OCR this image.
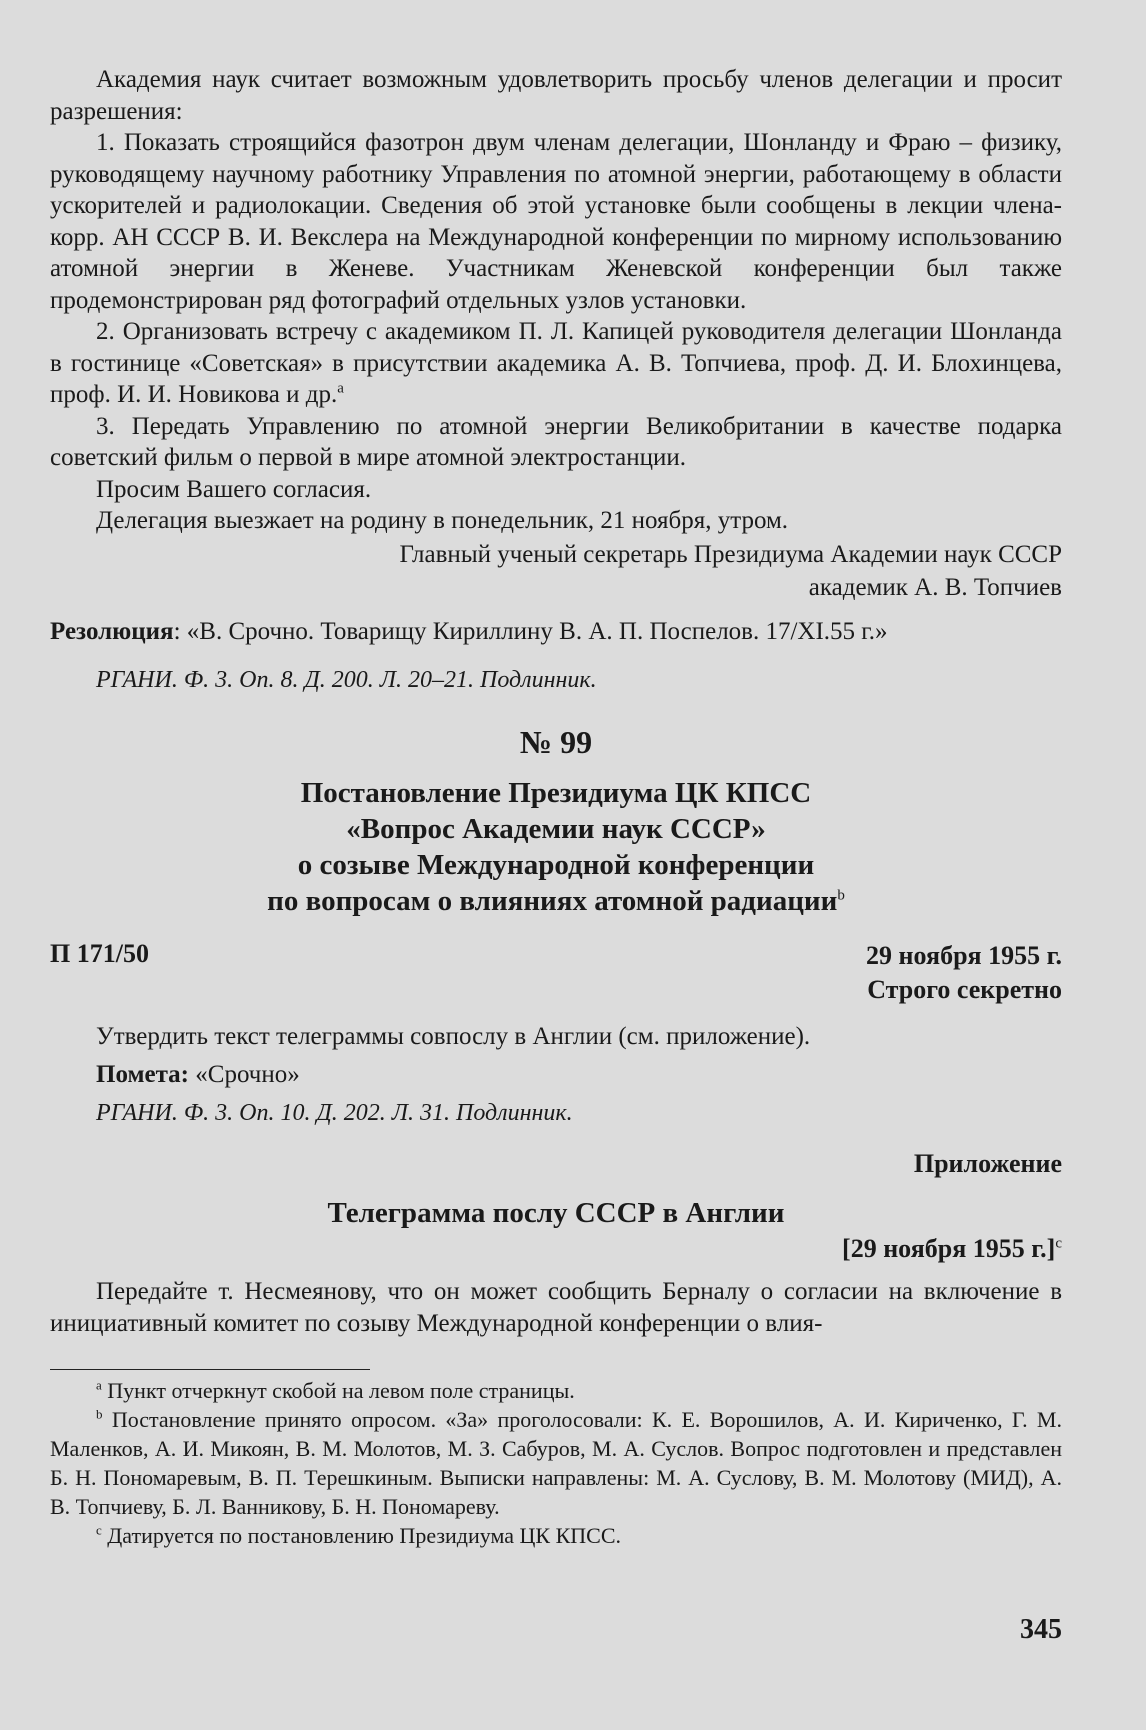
Академия наук считает возможным удовлетворить просьбу членов делегации и просит разрешения:

1. Показать строящийся фазотрон двум членам делегации, Шонланду и Фраю – физику, руководящему научному работнику Управления по атомной энергии, работающему в области ускорителей и радиолокации. Сведения об этой установке были сообщены в лекции члена-корр. АН СССР В. И. Векслера на Международной конференции по мирному использованию атомной энергии в Женеве. Участникам Женевской конференции был также продемонстрирован ряд фотографий отдельных узлов установки.

2. Организовать встречу с академиком П. Л. Капицей руководителя делегации Шонланда в гостинице «Советская» в присутствии академика А. В. Топчиева, проф. Д. И. Блохинцева, проф. И. И. Новикова и др.$^a$

3. Передать Управлению по атомной энергии Великобритании в качестве подарка советский фильм о первой в мире атомной электростанции.

Просим Вашего согласия.

Делегация выезжает на родину в понедельник, 21 ноября, утром.

Главный ученый секретарь Президиума Академии наук СССР

академик А. В. Топчиев

Резолюция: «В. Срочно. Товарищу Кириллину В. А. П. Поспелов. 17/XI.55 г.»

РГАНИ. Ф. 3. Оп. 8. Д. 200. Л. 20–21. Подлинник.

№ 99

Постановление Президиума ЦК КПСС
«Вопрос Академии наук СССР»
о созыве Международной конференции
по вопросам о влияниях атомной радиации$^b$
П 171/50	29 ноября 1955 г.
Строго секретно

Утвердить текст телеграммы совпослу в Англии (см. приложение).

Помета: «Срочно»

РГАНИ. Ф. 3. Оп. 10. Д. 202. Л. 31. Подлинник.

Приложение

Телеграмма послу СССР в Англии

[29 ноября 1955 г.]$^c$

Передайте т. Несмеянову, что он может сообщить Берналу о согласии на включение в инициативный комитет по созыву Международной конференции о влия-

$^a$ Пункт отчеркнут скобой на левом поле страницы.

$^b$ Постановление принято опросом. «За» проголосовали: К. Е. Ворошилов, А. И. Кириченко, Г. М. Маленков, А. И. Микоян, В. М. Молотов, М. З. Сабуров, М. А. Суслов. Вопрос подготовлен и представлен Б. Н. Пономаревым, В. П. Терешкиным. Выписки направлены: М. А. Суслову, В. М. Молотову (МИД), А. В. Топчиеву, Б. Л. Ванникову, Б. Н. Пономареву.

$^c$ Датируется по постановлению Президиума ЦК КПСС.

345
